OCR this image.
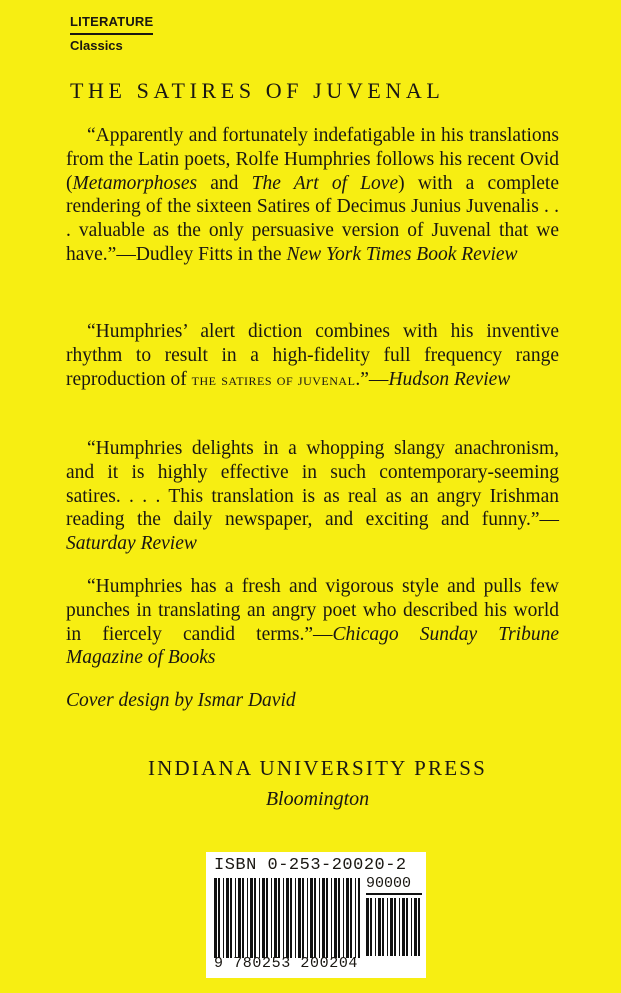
LITERATURE
Classics
THE SATIRES OF JUVENAL

“Apparently and fortunately indefatigable in his translations from the Latin poets, Rolfe Humphries follows his recent Ovid (Metamorphoses and The Art of Love) with a complete rendering of the sixteen Satires of Decimus Junius Juvenalis . . . valuable as the only persuasive version of Juvenal that we have.”—Dudley Fitts in the New York Times Book Review

“Humphries’ alert diction combines with his inventive rhythm to result in a high-fidelity full frequency range reproduction of the satires of juvenal.”—Hudson Review

“Humphries delights in a whopping slangy anachronism, and it is highly effective in such contemporary-seeming satires. . . . This translation is as real as an angry Irishman reading the daily newspaper, and exciting and funny.”—Saturday Review

“Humphries has a fresh and vigorous style and pulls few punches in translating an angry poet who described his world in fiercely candid terms.”—Chicago Sunday Tribune Magazine of Books

Cover design by Ismar David
INDIANA UNIVERSITY PRESS
Bloomington
ISBN 0-253-20020-2
90000
9 780253 200204
